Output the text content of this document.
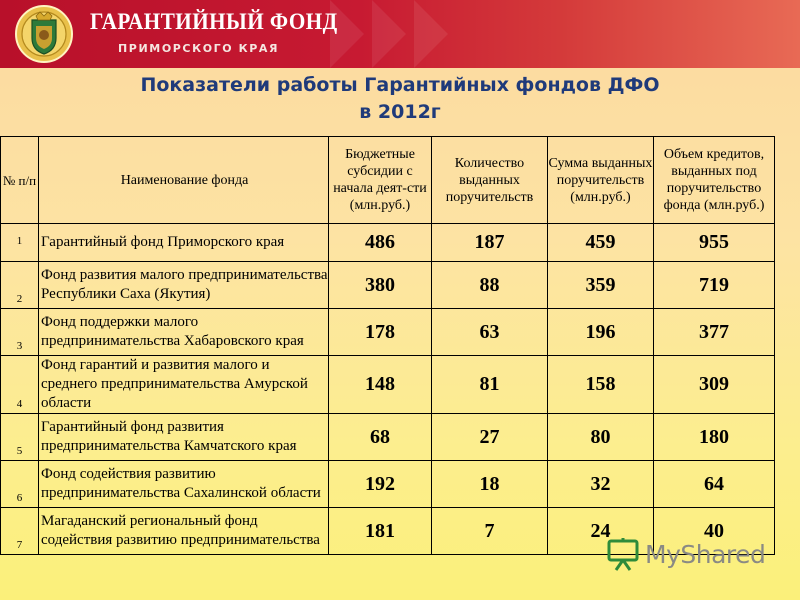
ГАРАНТИЙНЫЙ ФОНД
ПРИМОРСКОГО КРАЯ
Показатели работы Гарантийных фондов ДФО
в 2012г
№ п/п	Наименование фонда	Бюджетные субсидии с начала деят-сти (млн.руб.)	Количество выданных поручительств	Сумма выданных поручительств (млн.руб.)	Объем кредитов, выданных под поручительство фонда (млн.руб.)
1	Гарантийный фонд Приморского края	486	187	459	955
2	Фонд развития малого предпринимательства Республики Саха (Якутия)	380	88	359	719
3	Фонд поддержки малого предпринимательства Хабаровского края	178	63	196	377
4	Фонд гарантий и развития малого и среднего предпринимательства Амурской области	148	81	158	309
5	Гарантийный фонд развития предпринимательства Камчатского края	68	27	80	180
6	Фонд содействия развитию предпринимательства Сахалинской области	192	18	32	64
7	Магаданский региональный фонд содействия развитию предпринимательства	181	7	24	40
MyShared
